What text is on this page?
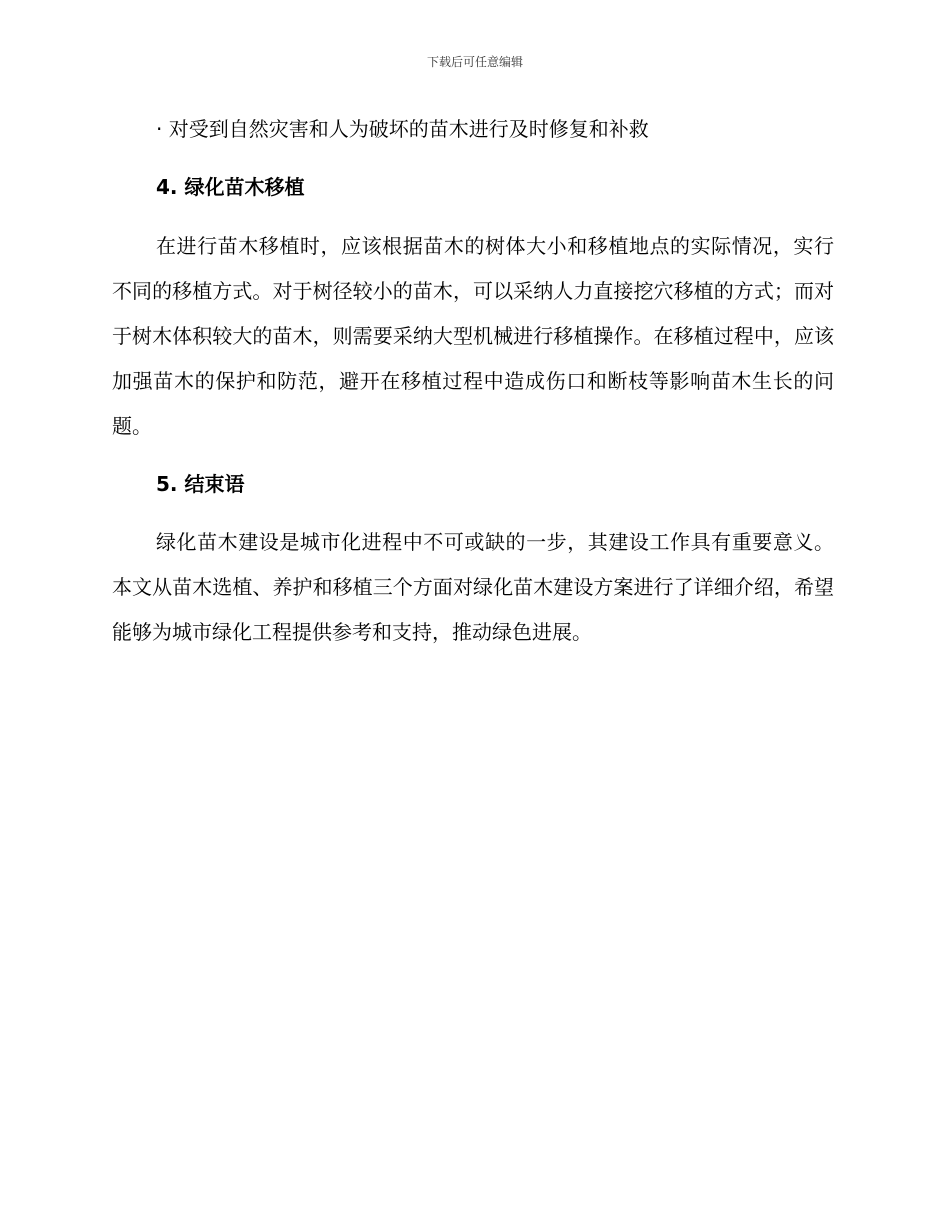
下载后可任意编辑

· 对受到自然灾害和人为破坏的苗木进行及时修复和补救

4. 绿化苗木移植

在进行苗木移植时，应该根据苗木的树体大小和移植地点的实际情况，实行不同的移植方式。对于树径较小的苗木，可以采纳人力直接挖穴移植的方式；而对于树木体积较大的苗木，则需要采纳大型机械进行移植操作。在移植过程中，应该加强苗木的保护和防范，避开在移植过程中造成伤口和断枝等影响苗木生长的问题。

5. 结束语

绿化苗木建设是城市化进程中不可或缺的一步，其建设工作具有重要意义。本文从苗木选植、养护和移植三个方面对绿化苗木建设方案进行了详细介绍，希望能够为城市绿化工程提供参考和支持，推动绿色进展。
